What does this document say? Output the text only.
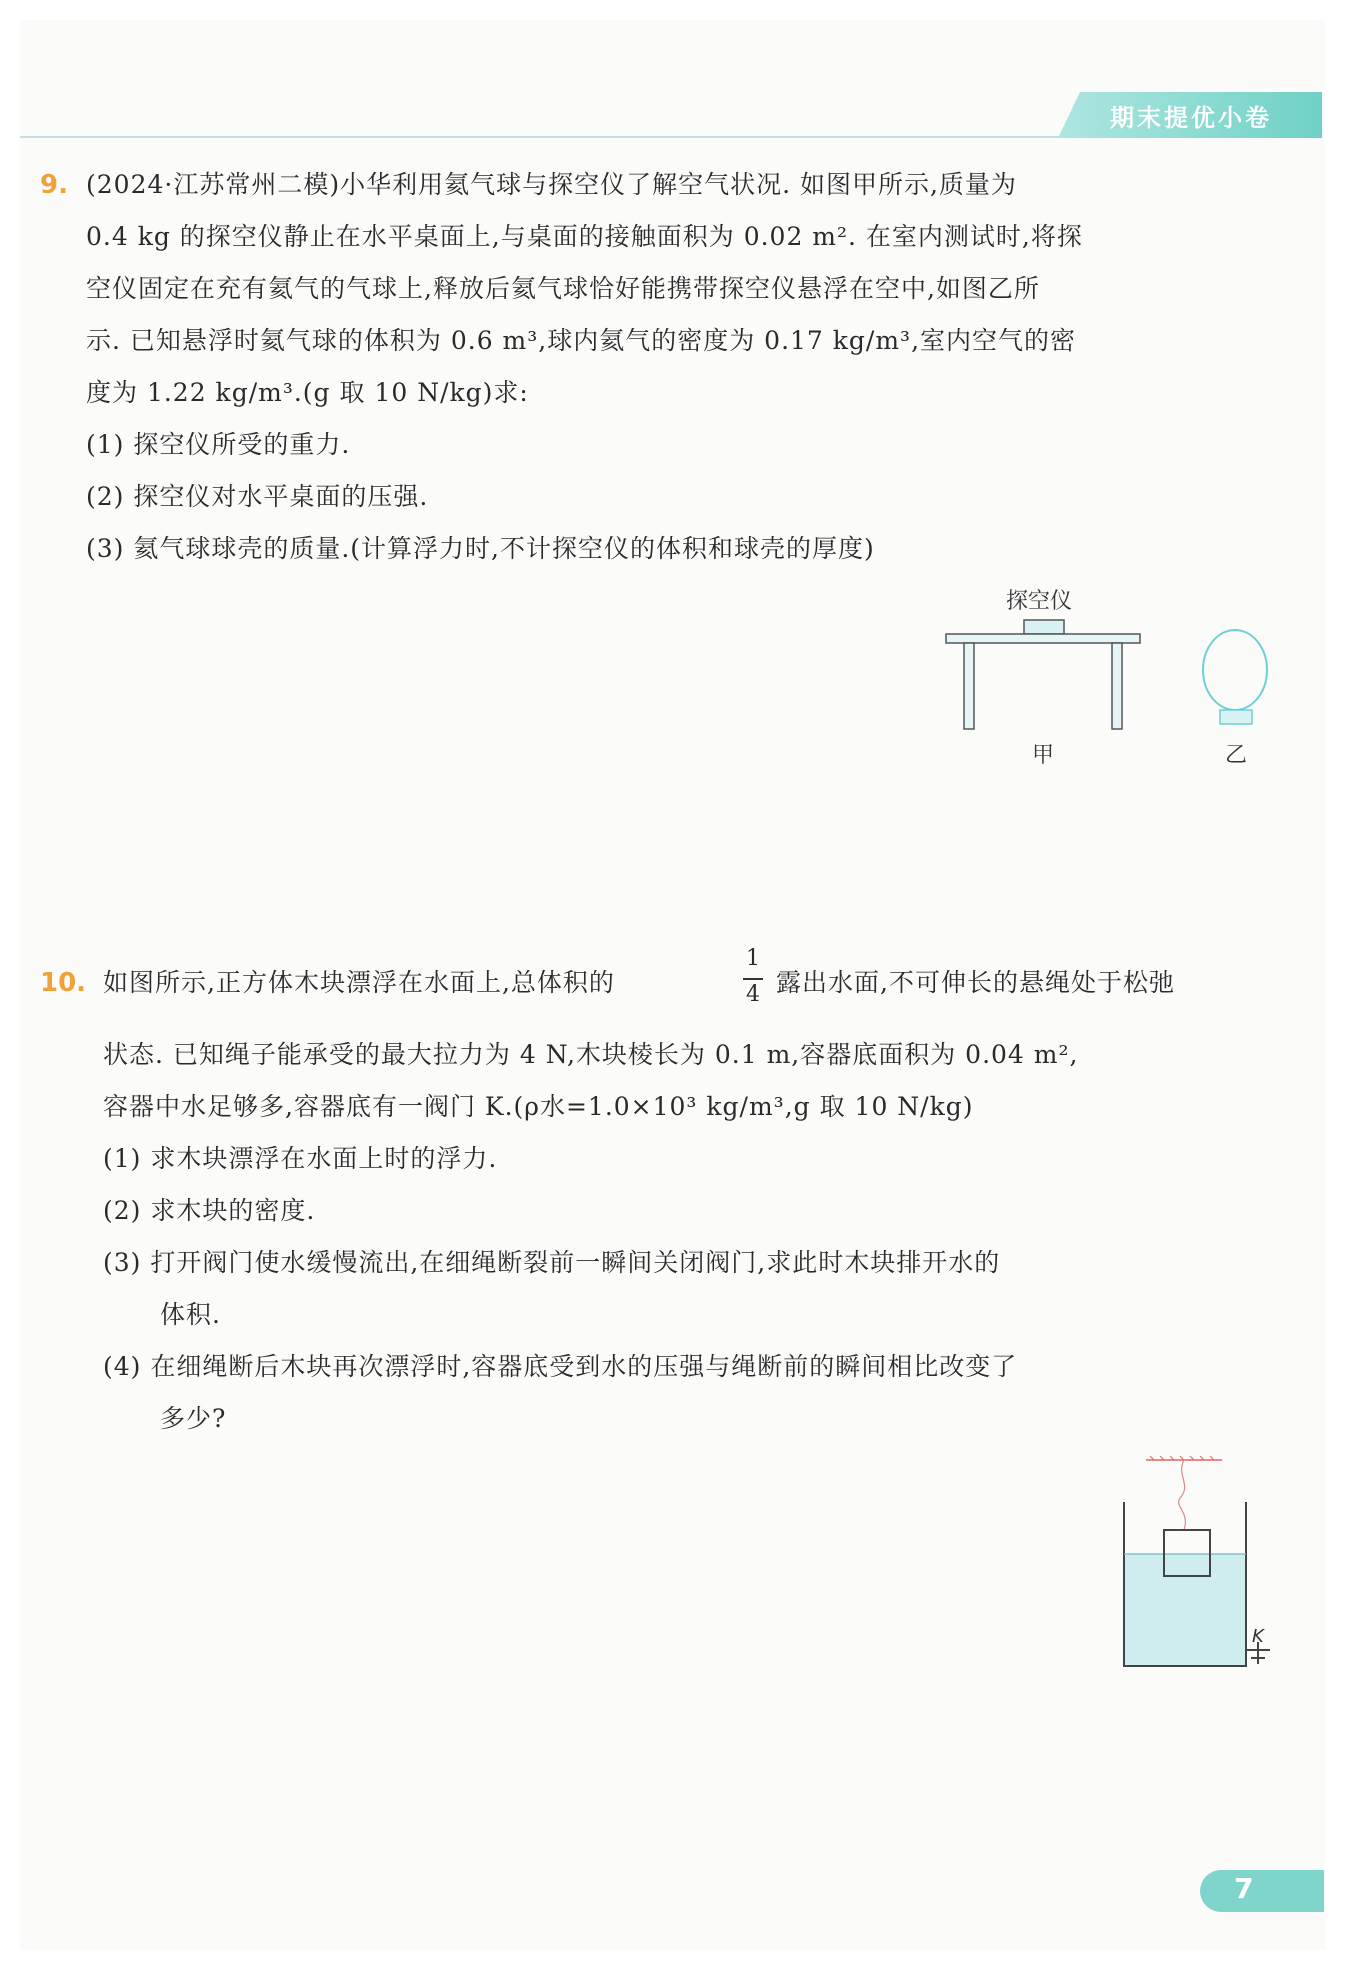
期末提优小卷
9. (2024·江苏常州二模)小华利用氦气球与探空仪了解空气状况. 如图甲所示,质量为
0.4 kg 的探空仪静止在水平桌面上,与桌面的接触面积为 0.02 m². 在室内测试时,将探
空仪固定在充有氦气的气球上,释放后氦气球恰好能携带探空仪悬浮在空中,如图乙所
示. 已知悬浮时氦气球的体积为 0.6 m³,球内氦气的密度为 0.17 kg/m³,室内空气的密
度为 1.22 kg/m³.(g 取 10 N/kg)求:
(1) 探空仪所受的重力.
(2) 探空仪对水平桌面的压强.
(3) 氦气球球壳的质量.(计算浮力时,不计探空仪的体积和球壳的厚度)
探空仪
甲	乙
10. 如图所示,正方体木块漂浮在水面上,总体积的
1
4 露出水面,不可伸长的悬绳处于松弛
状态. 已知绳子能承受的最大拉力为 4 N,木块棱长为 0.1 m,容器底面积为 0.04 m²,
容器中水足够多,容器底有一阀门 K.(ρ水=1.0×10³ kg/m³,g 取 10 N/kg)
(1) 求木块漂浮在水面上时的浮力.
(2) 求木块的密度.
(3) 打开阀门使水缓慢流出,在细绳断裂前一瞬间关闭阀门,求此时木块排开水的
体积.
(4) 在细绳断后木块再次漂浮时,容器底受到水的压强与绳断前的瞬间相比改变了
多少?
K
7
